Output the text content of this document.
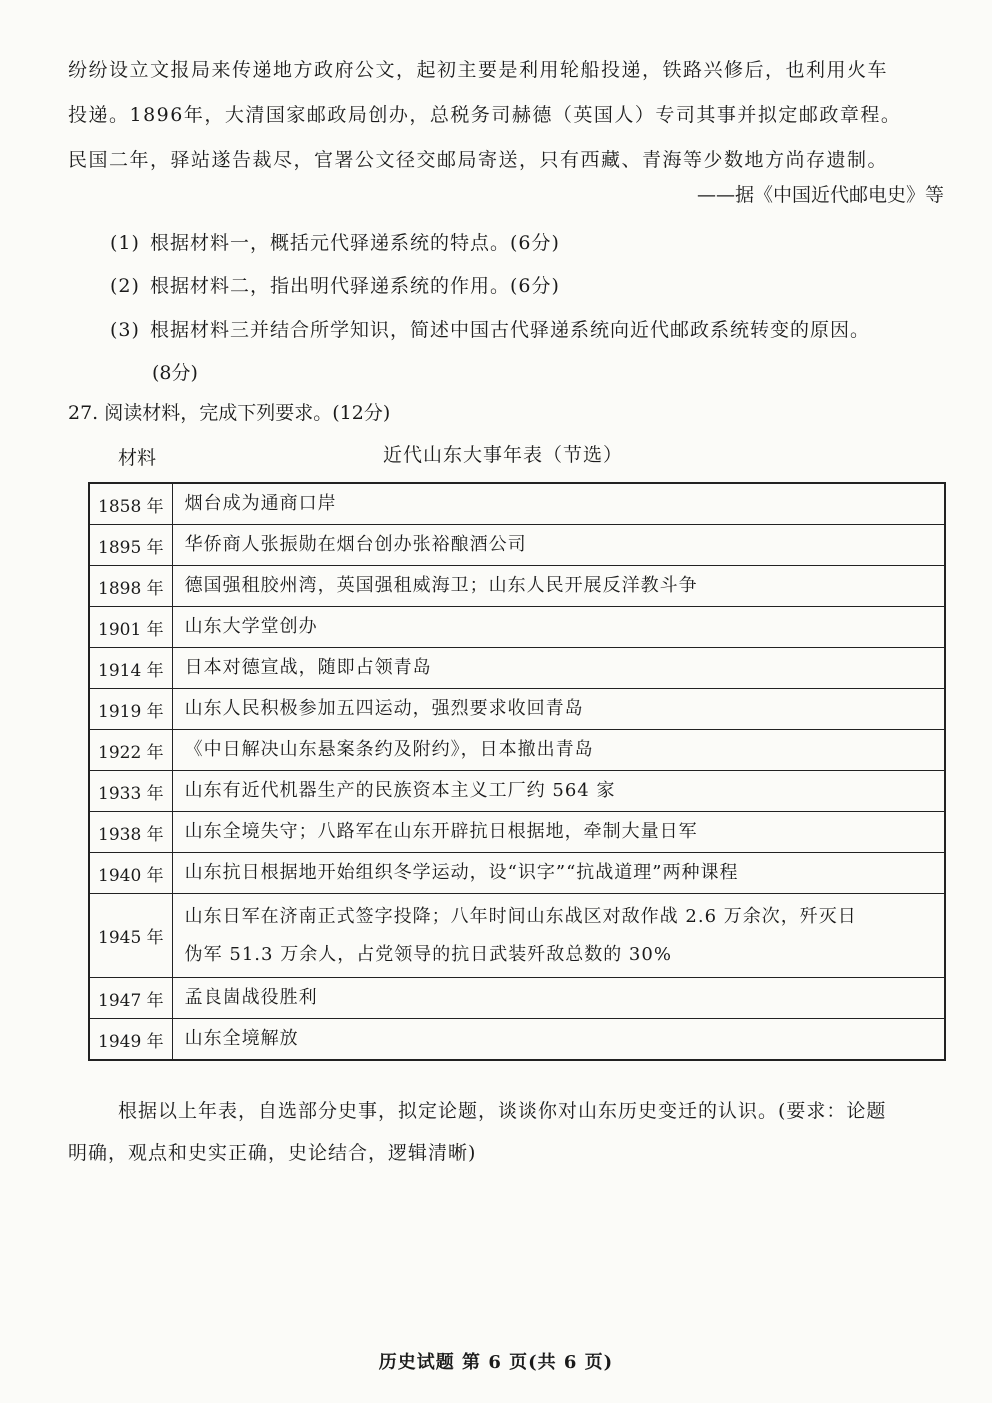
纷纷设立文报局来传递地方政府公文，起初主要是利用轮船投递，铁路兴修后，也利用火车
投递。1896年，大清国家邮政局创办，总税务司赫德（英国人）专司其事并拟定邮政章程。
民国二年，驿站遂告裁尽，官署公文径交邮局寄送，只有西藏、青海等少数地方尚存遗制。
——据《中国近代邮电史》等
(1) 根据材料一，概括元代驿递系统的特点。(6分)
(2) 根据材料二，指出明代驿递系统的作用。(6分)
(3) 根据材料三并结合所学知识，简述中国古代驿递系统向近代邮政系统转变的原因。
(8分)
27. 阅读材料，完成下列要求。(12分)
材料	近代山东大事年表（节选）
1858 年	烟台成为通商口岸
1895 年	华侨商人张振勋在烟台创办张裕酿酒公司
1898 年	德国强租胶州湾，英国强租威海卫；山东人民开展反洋教斗争
1901 年	山东大学堂创办
1914 年	日本对德宣战，随即占领青岛
1919 年	山东人民积极参加五四运动，强烈要求收回青岛
1922 年	《中日解决山东悬案条约及附约》，日本撤出青岛
1933 年	山东有近代机器生产的民族资本主义工厂约 564 家
1938 年	山东全境失守；八路军在山东开辟抗日根据地，牵制大量日军
1940 年	山东抗日根据地开始组织冬学运动，设“识字”“抗战道理”两种课程
1945 年	山东日军在济南正式签字投降；八年时间山东战区对敌作战 2.6 万余次，歼灭日
伪军 51.3 万余人，占党领导的抗日武装歼敌总数的 30%

1947 年	孟良崮战役胜利
1949 年	山东全境解放
根据以上年表，自选部分史事，拟定论题，谈谈你对山东历史变迁的认识。(要求：论题
明确，观点和史实正确，史论结合，逻辑清晰)
历史试题 第 6 页(共 6 页)
